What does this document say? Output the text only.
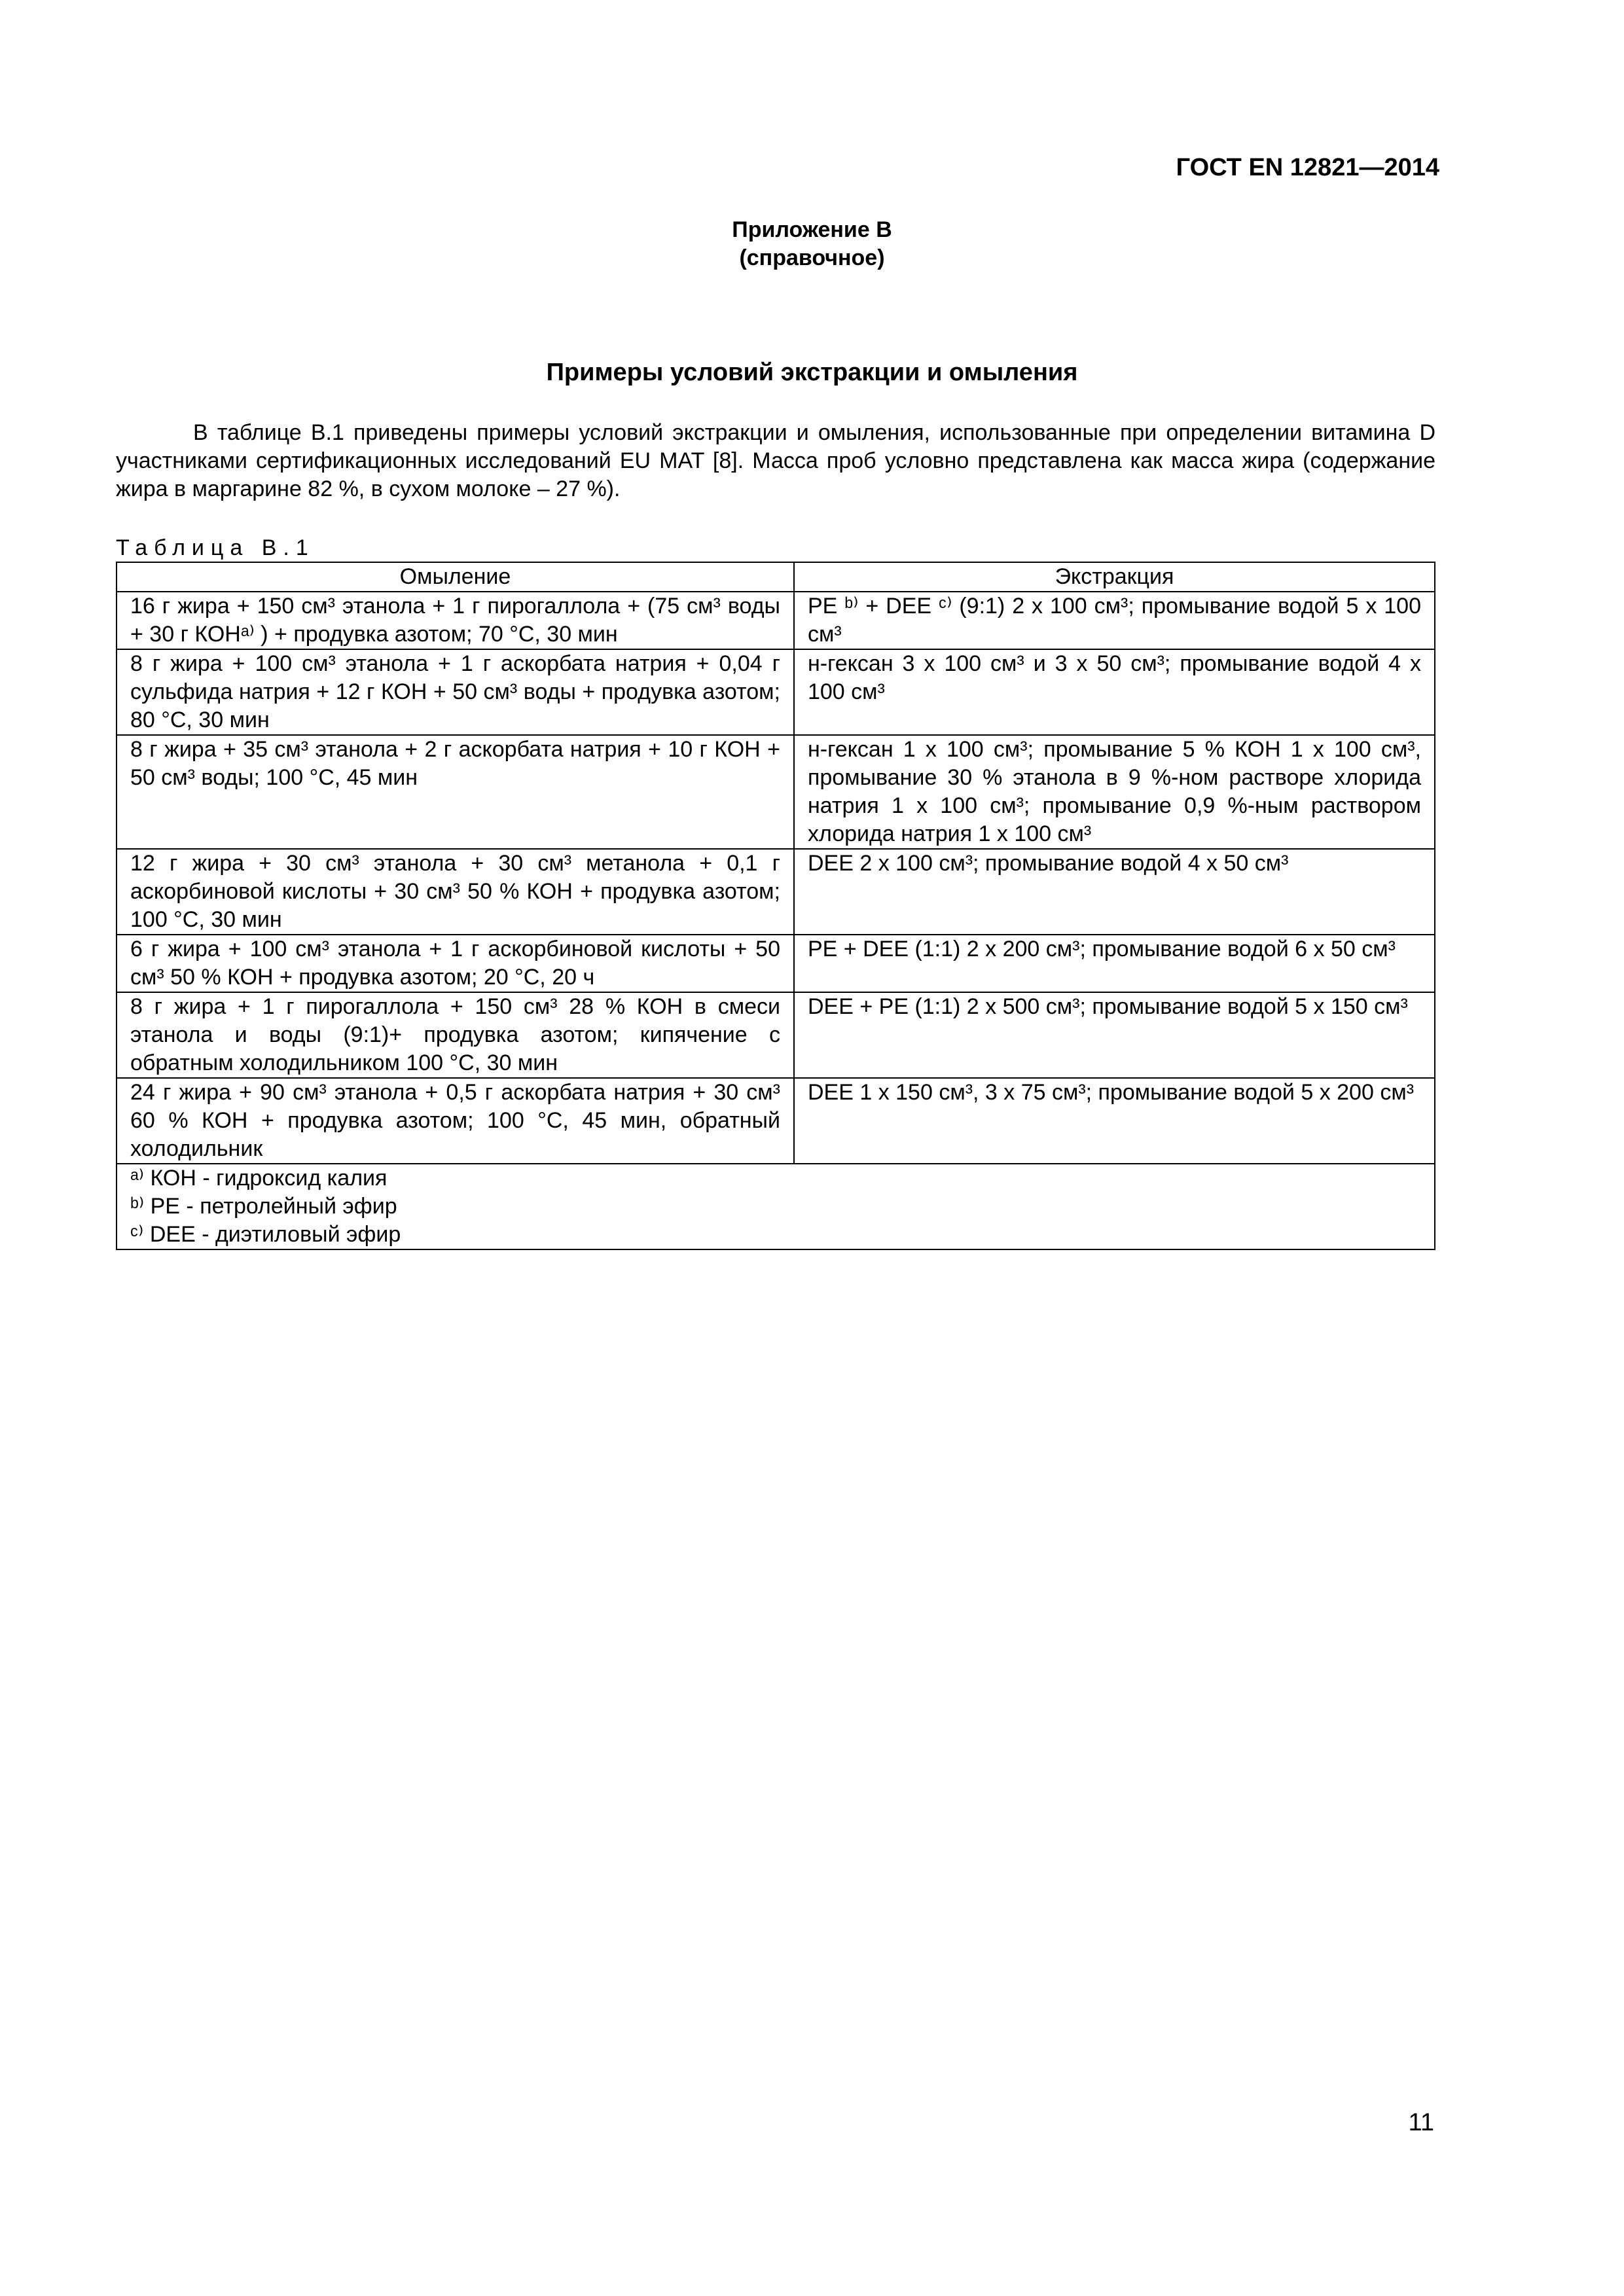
ГОСТ EN 12821—2014
Приложение В
(справочное)
Примеры условий экстракции и омыления

В таблице В.1 приведены примеры условий экстракции и омыления, использованные при определении витамина D участниками сертификационных исследований EU MAT [8]. Масса проб условно представлена как масса жира (содержание жира в маргарине 82 %, в сухом молоке – 27 %).

Таблица В.1
Омыление	Экстракция
16 г жира + 150 см³ этанола + 1 г пирогаллола + (75 см³ воды + 30 г КОНᵃ⁾ ) + продувка азотом; 70 °С, 30 мин	PE ᵇ⁾ + DEE ᶜ⁾ (9:1) 2 х 100 см³; промывание водой 5 х 100 см³
8 г жира + 100 см³ этанола + 1 г аскорбата натрия + 0,04 г сульфида натрия + 12 г КОН + 50 см³ воды + продувка азотом; 80 °С, 30 мин	н-гексан 3 х 100 см³ и 3 х 50 см³; промывание водой 4 х 100 см³
8 г жира + 35 см³ этанола + 2 г аскорбата натрия + 10 г КОН + 50 см³ воды; 100 °С, 45 мин	н-гексан 1 х 100 см³; промывание 5 % КОН 1 х 100 см³, промывание 30 % этанола в 9 %-ном растворе хлорида натрия 1 х 100 см³; промывание 0,9 %-ным раствором хлорида натрия 1 х 100 см³
12 г жира + 30 см³ этанола + 30 см³ метанола + 0,1 г аскорбиновой кислоты + 30 см³ 50 % КОН + продувка азотом; 100 °С, 30 мин	DEE 2 х 100 см³; промывание водой 4 х 50 см³
6 г жира + 100 см³ этанола + 1 г аскорбиновой кислоты + 50 см³ 50 % КОН + продувка азотом; 20 °С, 20 ч	PE + DEE (1:1) 2 х 200 см³; промывание водой 6 х 50 см³
8 г жира + 1 г пирогаллола + 150 см³ 28 % КОН в смеси этанола и воды (9:1)+ продувка азотом; кипячение с обратным холодильником 100 °С, 30 мин	DEE + PE (1:1) 2 х 500 см³; промывание водой 5 х 150 см³
24 г жира + 90 см³ этанола + 0,5 г аскорбата натрия + 30 см³ 60 % КОН + продувка азотом; 100 °С, 45 мин, обратный холодильник	DEE 1 х 150 см³, 3 х 75 см³; промывание водой 5 х 200 см³

ᵃ⁾ КОН - гидроксид калия
ᵇ⁾ PE - петролейный эфир
ᶜ⁾ DEE - диэтиловый эфир	
11
